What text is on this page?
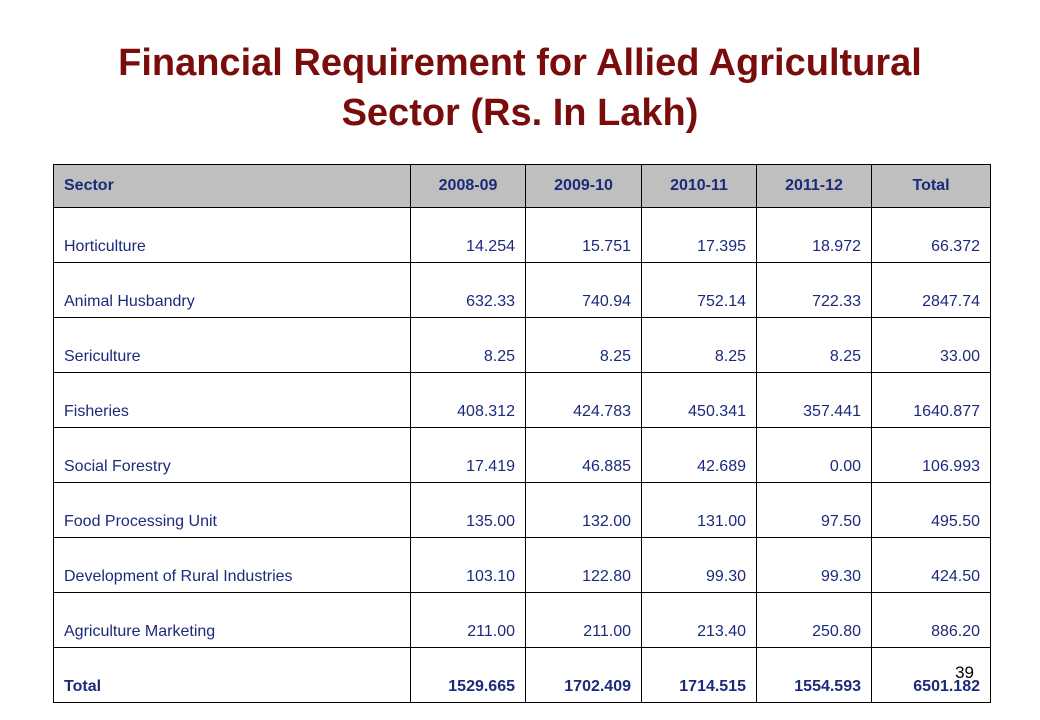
Financial Requirement for Allied Agricultural
Sector (Rs. In Lakh)
Sector	2008-09	2009-10	2010-11	2011-12	Total
Horticulture	14.254	15.751	17.395	18.972	66.372
Animal Husbandry	632.33	740.94	752.14	722.33	2847.74
Sericulture	8.25	8.25	8.25	8.25	33.00
Fisheries	408.312	424.783	450.341	357.441	1640.877
Social Forestry	17.419	46.885	42.689	0.00	106.993
Food Processing Unit	135.00	132.00	131.00	97.50	495.50
Development of Rural Industries	103.10	122.80	99.30	99.30	424.50
Agriculture Marketing	211.00	211.00	213.40	250.80	886.20
Total	1529.665	1702.409	1714.515	1554.593	6501.182
39
